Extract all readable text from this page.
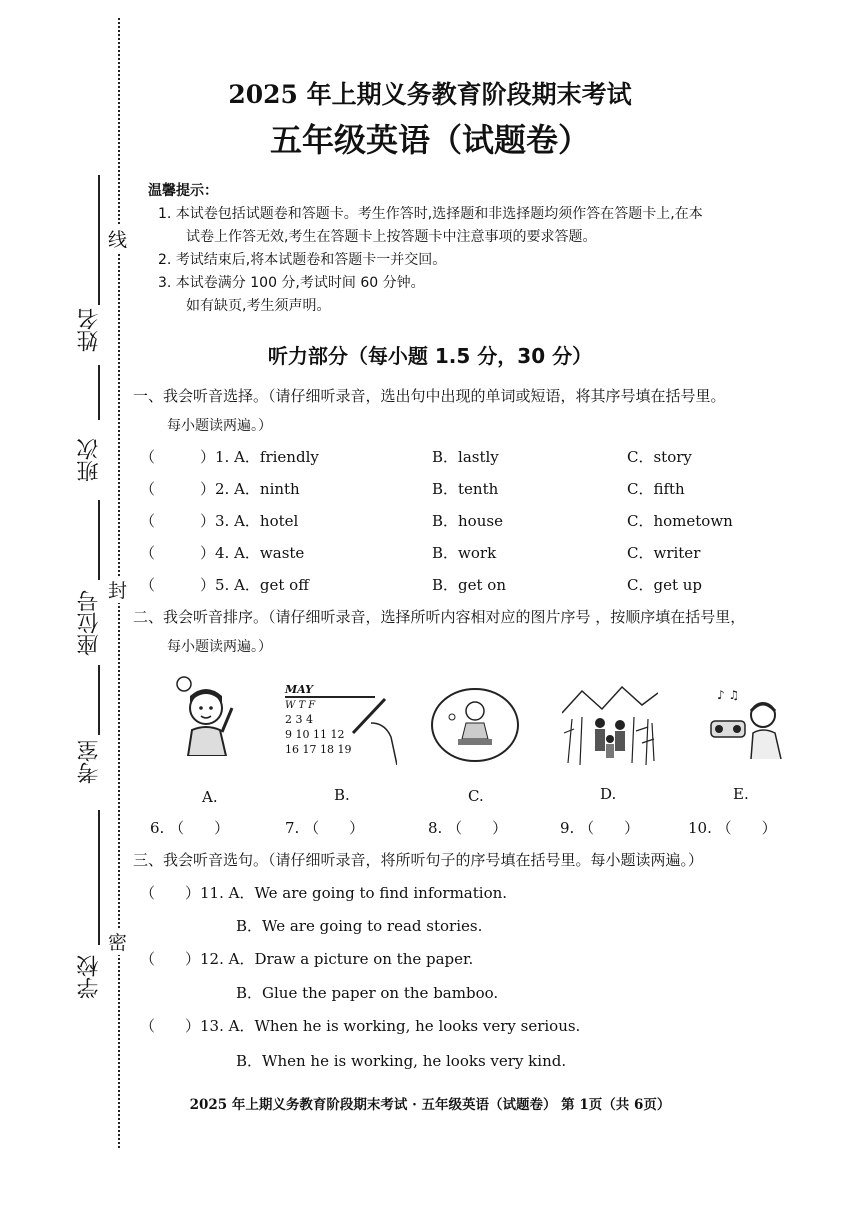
姓名
班次
座位号
考室
学校
线
封
密
2025 年上期义务教育阶段期末考试
五年级英语（试题卷）
温馨提示：
1. 本试卷包括试题卷和答题卡。考生作答时,选择题和非选择题均须作答在答题卡上,在本
试卷上作答无效,考生在答题卡上按答题卡中注意事项的要求答题。
2. 考试结束后,将本试题卷和答题卡一并交回。
3. 本试卷满分 100 分,考试时间 60 分钟。
如有缺页,考生须声明。
听力部分（每小题 1.5 分，30 分）
一、我会听音选择。（请仔细听录音，选出句中出现的单词或短语，将其序号填在括号里。
每小题读两遍。）
（	）1. A．friendly	B．lastly	C．story
（	）2. A．ninth	B．tenth	C．fifth
（	）3. A．hotel	B．house	C．hometown
（	）4. A．waste	B．work	C．writer
（	）5. A．get off	B．get on	C．get up
二、我会听音排序。（请仔细听录音，选择所听内容相对应的图片序号 ，按顺序填在括号里，
每小题读两遍。）
MAY
W T F
2 3 4
9 10 11 12
16 17 18 19
♪ ♫
A.	B.	C.	D.	E.
6. （　　）	7. （　　）	8. （　　）	9. （　　）	10. （　　）
三、我会听音选句。（请仔细听录音，将所听句子的序号填在括号里。每小题读两遍。）
（ ）11. A．We are going to find information.
B．We are going to read stories.
（ ）12. A．Draw a picture on the paper.
B．Glue the paper on the bamboo.
（ ）13. A．When he is working, he looks very serious.
B．When he is working, he looks very kind.
2025 年上期义务教育阶段期末考试 · 五年级英语（试题卷） 第 1页（共 6页）
